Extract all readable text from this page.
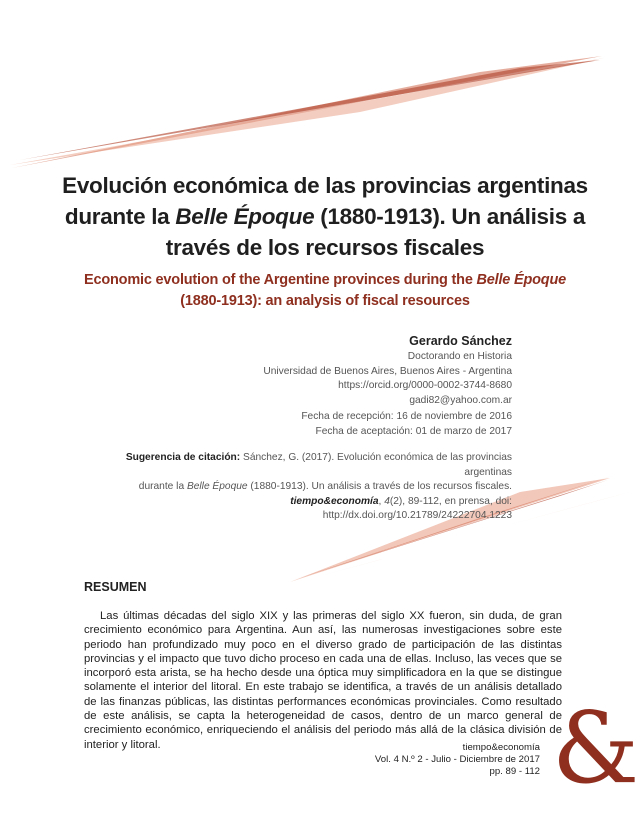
Evolución económica de las provincias argentinas
durante la Belle Époque (1880-1913). Un análisis a
través de los recursos fiscales
Economic evolution of the Argentine provinces during the Belle Époque
(1880-1913): an analysis of fiscal resources
Gerardo Sánchez
Doctorando en Historia
Universidad de Buenos Aires, Buenos Aires - Argentina
https://orcid.org/0000-0002-3744-8680
gadi82@yahoo.com.ar
Fecha de recepción: 16 de noviembre de 2016
Fecha de aceptación: 01 de marzo de 2017
Sugerencia de citación: Sánchez, G. (2017). Evolución económica de las provincias argentinas
durante la Belle Époque (1880-1913). Un análisis a través de los recursos fiscales.
tiempo&economía, 4(2), 89-112, en prensa, doi: http://dx.doi.org/10.21789/24222704.1223
RESUMEN
Las últimas décadas del siglo XIX y las primeras del siglo XX fueron, sin duda, de gran crecimiento económico para Argentina. Aun así, las numerosas investigaciones sobre este periodo han profundizado muy poco en el diverso grado de participación de las distintas provincias y el impacto que tuvo dicho proceso en cada una de ellas. Incluso, las veces que se incorporó esta arista, se ha hecho desde una óptica muy simplificadora en la que se distingue solamente el interior del litoral. En este trabajo se identifica, a través de un análisis detallado de las finanzas públicas, las distintas performances económicas provinciales. Como resultado de este análisis, se capta la heterogeneidad de casos, dentro de un marco general de crecimiento económico, enriqueciendo el análisis del periodo más allá de la clásica división de interior y litoral.	tiempo&economía
Vol. 4 N.º 2 - Julio - Diciembre de 2017
pp. 89 - 112 &
